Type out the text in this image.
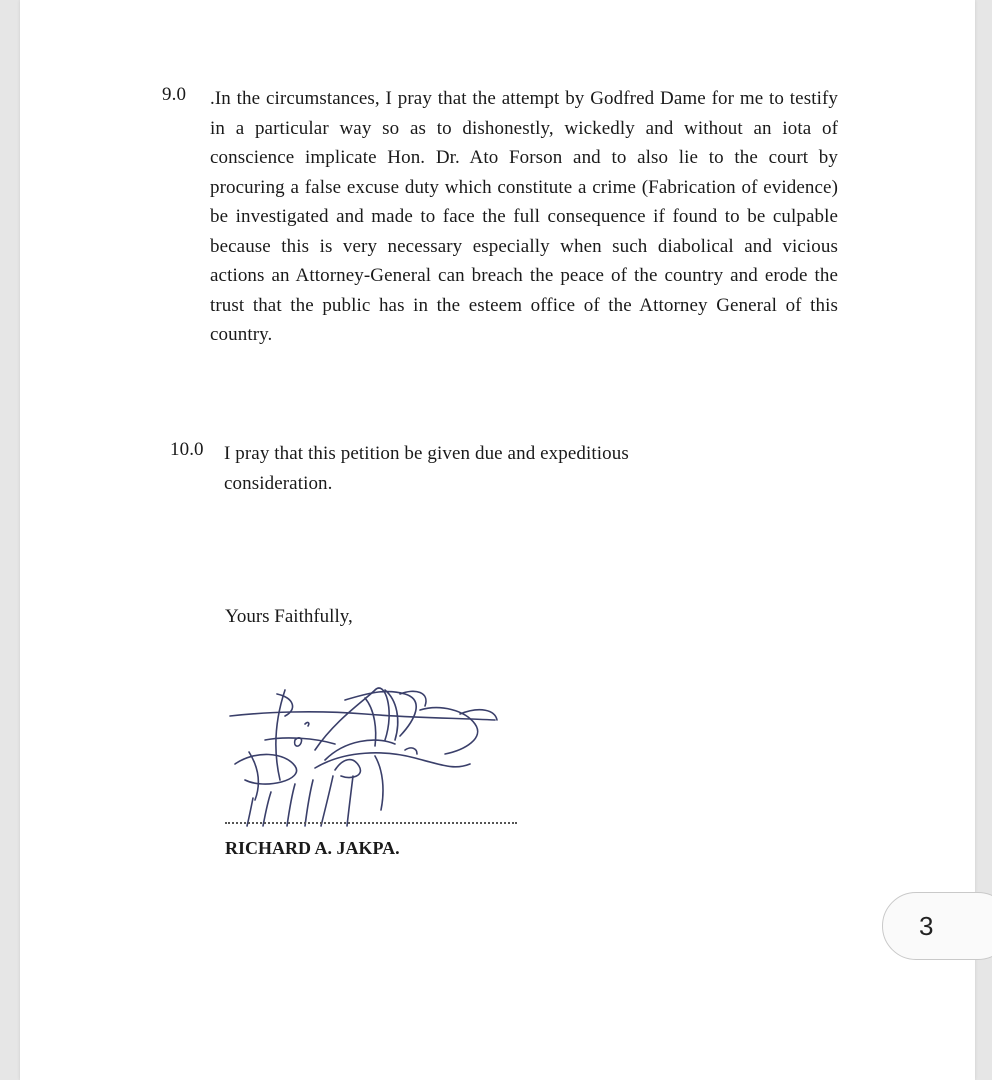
9.0 .In the circumstances, I pray that the attempt by Godfred Dame for me to testify in a particular way so as to dishonestly, wickedly and without an iota of conscience implicate Hon. Dr. Ato Forson and to also lie to the court by procuring a false excuse duty which constitute a crime (Fabrication of evidence) be investigated and made to face the full consequence if found to be culpable because this is very necessary especially when such diabolical and vicious actions an Attorney-General can breach the peace of the country and erode the trust that the public has in the esteem office of the Attorney General of this country.
10.0 I pray that this petition be given due and expeditious consideration.
Yours Faithfully,
RICHARD A. JAKPA.
3
